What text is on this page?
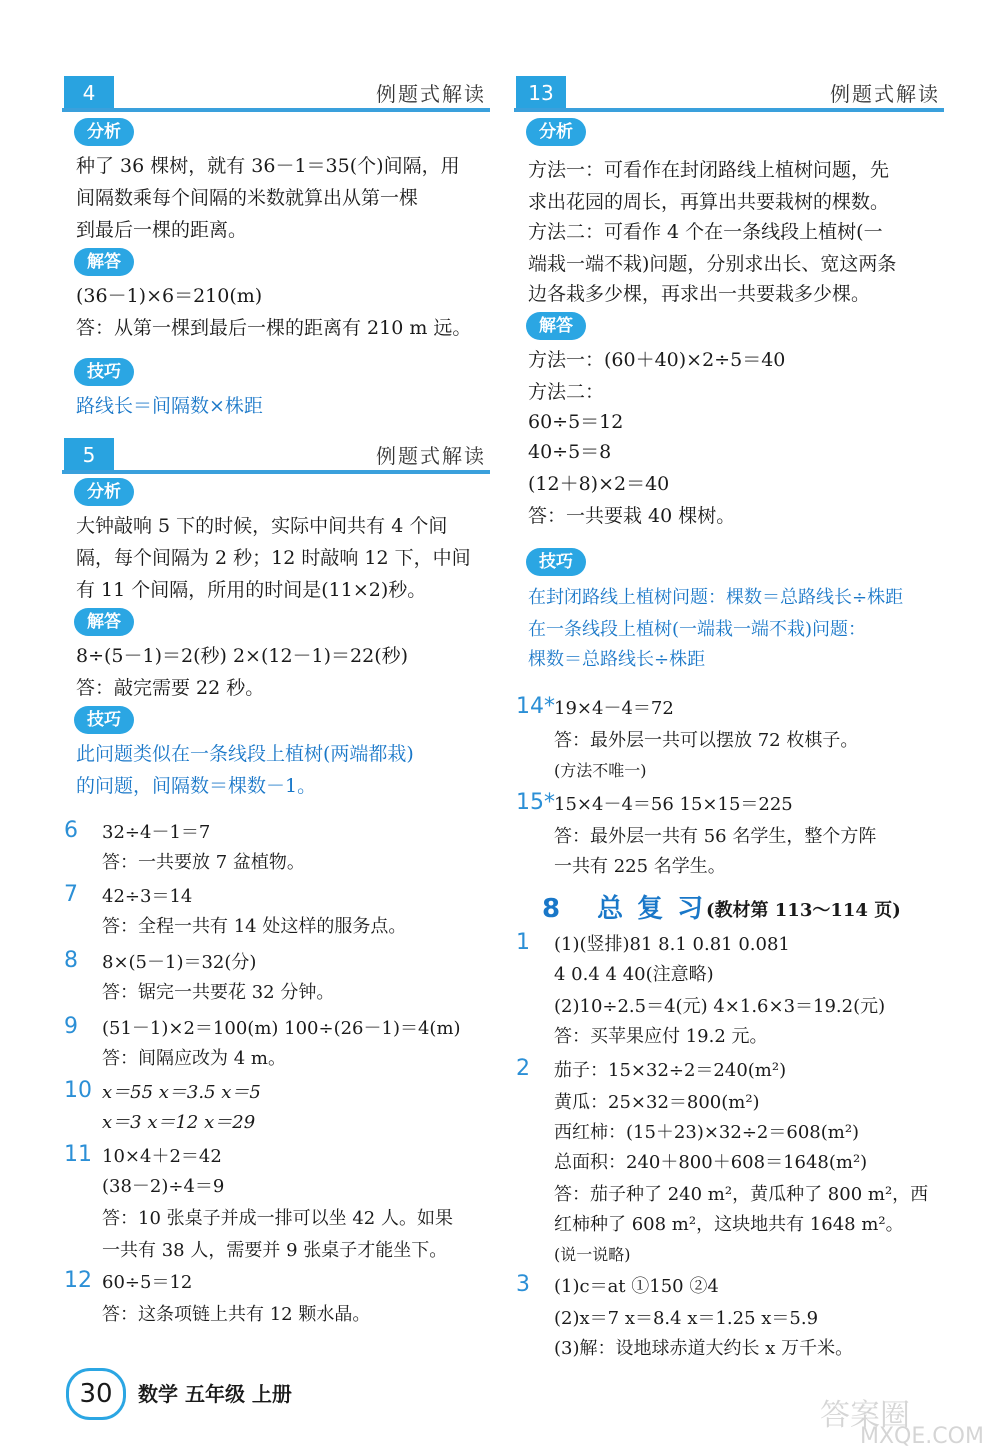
4	例题式解读
分析
种了 36 棵树，就有 36－1＝35(个)间隔，用
间隔数乘每个间隔的米数就算出从第一棵
到最后一棵的距离。
解答
(36－1)×6＝210(m)
答：从第一棵到最后一棵的距离有 210 m 远。
技巧
路线长＝间隔数×株距
5	例题式解读
分析
大钟敲响 5 下的时候，实际中间共有 4 个间
隔，每个间隔为 2 秒；12 时敲响 12 下，中间
有 11 个间隔，所用的时间是(11×2)秒。
解答
8÷(5－1)＝2(秒) 2×(12－1)＝22(秒)
答：敲完需要 22 秒。
技巧
此问题类似在一条线段上植树(两端都栽)
的问题，间隔数＝棵数－1。
6 32÷4－1＝7
答：一共要放 7 盆植物。
7 42÷3＝14
答：全程一共有 14 处这样的服务点。
8 8×(5－1)＝32(分)
答：锯完一共要花 32 分钟。
9 (51－1)×2＝100(m) 100÷(26－1)＝4(m)
答：间隔应改为 4 m。
10 x＝55 x＝3.5 x＝5
x＝3 x＝12 x＝29
11 10×4＋2＝42
(38－2)÷4＝9
答：10 张桌子并成一排可以坐 42 人。如果
一共有 38 人，需要并 9 张桌子才能坐下。
12 60÷5＝12
答：这条项链上共有 12 颗水晶。
13	例题式解读
分析
方法一：可看作在封闭路线上植树问题，先
求出花园的周长，再算出共要栽树的棵数。
方法二：可看作 4 个在一条线段上植树(一
端栽一端不栽)问题，分别求出长、宽这两条
边各栽多少棵，再求出一共要栽多少棵。
解答
方法一：(60＋40)×2÷5＝40
方法二：
60÷5＝12
40÷5＝8
(12＋8)×2＝40
答：一共要栽 40 棵树。
技巧
在封闭路线上植树问题：棵数＝总路线长÷株距
在一条线段上植树(一端栽一端不栽)问题：
棵数＝总路线长÷株距
14* 19×4－4＝72
答：最外层一共可以摆放 72 枚棋子。
(方法不唯一)
15* 15×4－4＝56 15×15＝225
答：最外层一共有 56 名学生，整个方阵
一共有 225 名学生。
8 总复习
(教材第 113～114 页)
1 (1)(竖排)81 8.1 0.81 0.081
4 0.4 4 40(注意略)
(2)10÷2.5＝4(元) 4×1.6×3＝19.2(元)
答：买苹果应付 19.2 元。
2 茄子：15×32÷2＝240(m²)
黄瓜：25×32＝800(m²)
西红柿：(15＋23)×32÷2＝608(m²)
总面积：240＋800＋608＝1648(m²)
答：茄子种了 240 m²，黄瓜种了 800 m²，西
红柿种了 608 m²，这块地共有 1648 m²。
(说一说略)
3 (1)c＝at ①150 ②4
(2)x＝7 x＝8.4 x＝1.25 x＝5.9
(3)解：设地球赤道大约长 x 万千米。
30	数学 五年级 上册
答案圈
MXQE.COM
